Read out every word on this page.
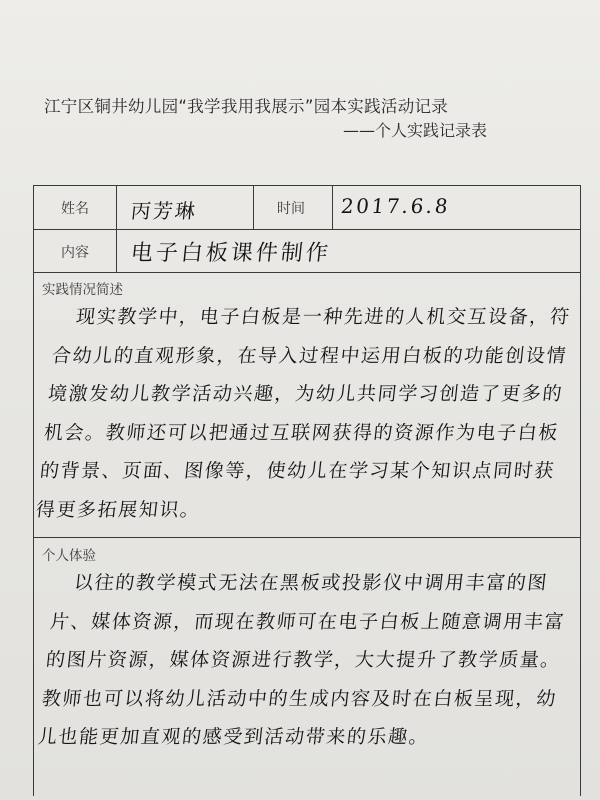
江宁区铜井幼儿园“我学我用我展示”园本实践活动记录
——个人实践记录表
姓名 丙芳琳	时间 2017.6.8
内容 电子白板课件制作
实践情况简述
现实教学中，电子白板是一种先进的人机交互设备，符合幼儿的直观形象，在导入过程中运用白板的功能创设情境激发幼儿教学活动兴趣，为幼儿共同学习创造了更多的机会。教师还可以把通过互联网获得的资源作为电子白板的背景、页面、图像等，使幼儿在学习某个知识点同时获得更多拓展知识。
个人体验
以往的教学模式无法在黑板或投影仪中调用丰富的图片、媒体资源，而现在教师可在电子白板上随意调用丰富的图片资源，媒体资源进行教学，大大提升了教学质量。教师也可以将幼儿活动中的生成内容及时在白板呈现，幼儿也能更加直观的感受到活动带来的乐趣。
